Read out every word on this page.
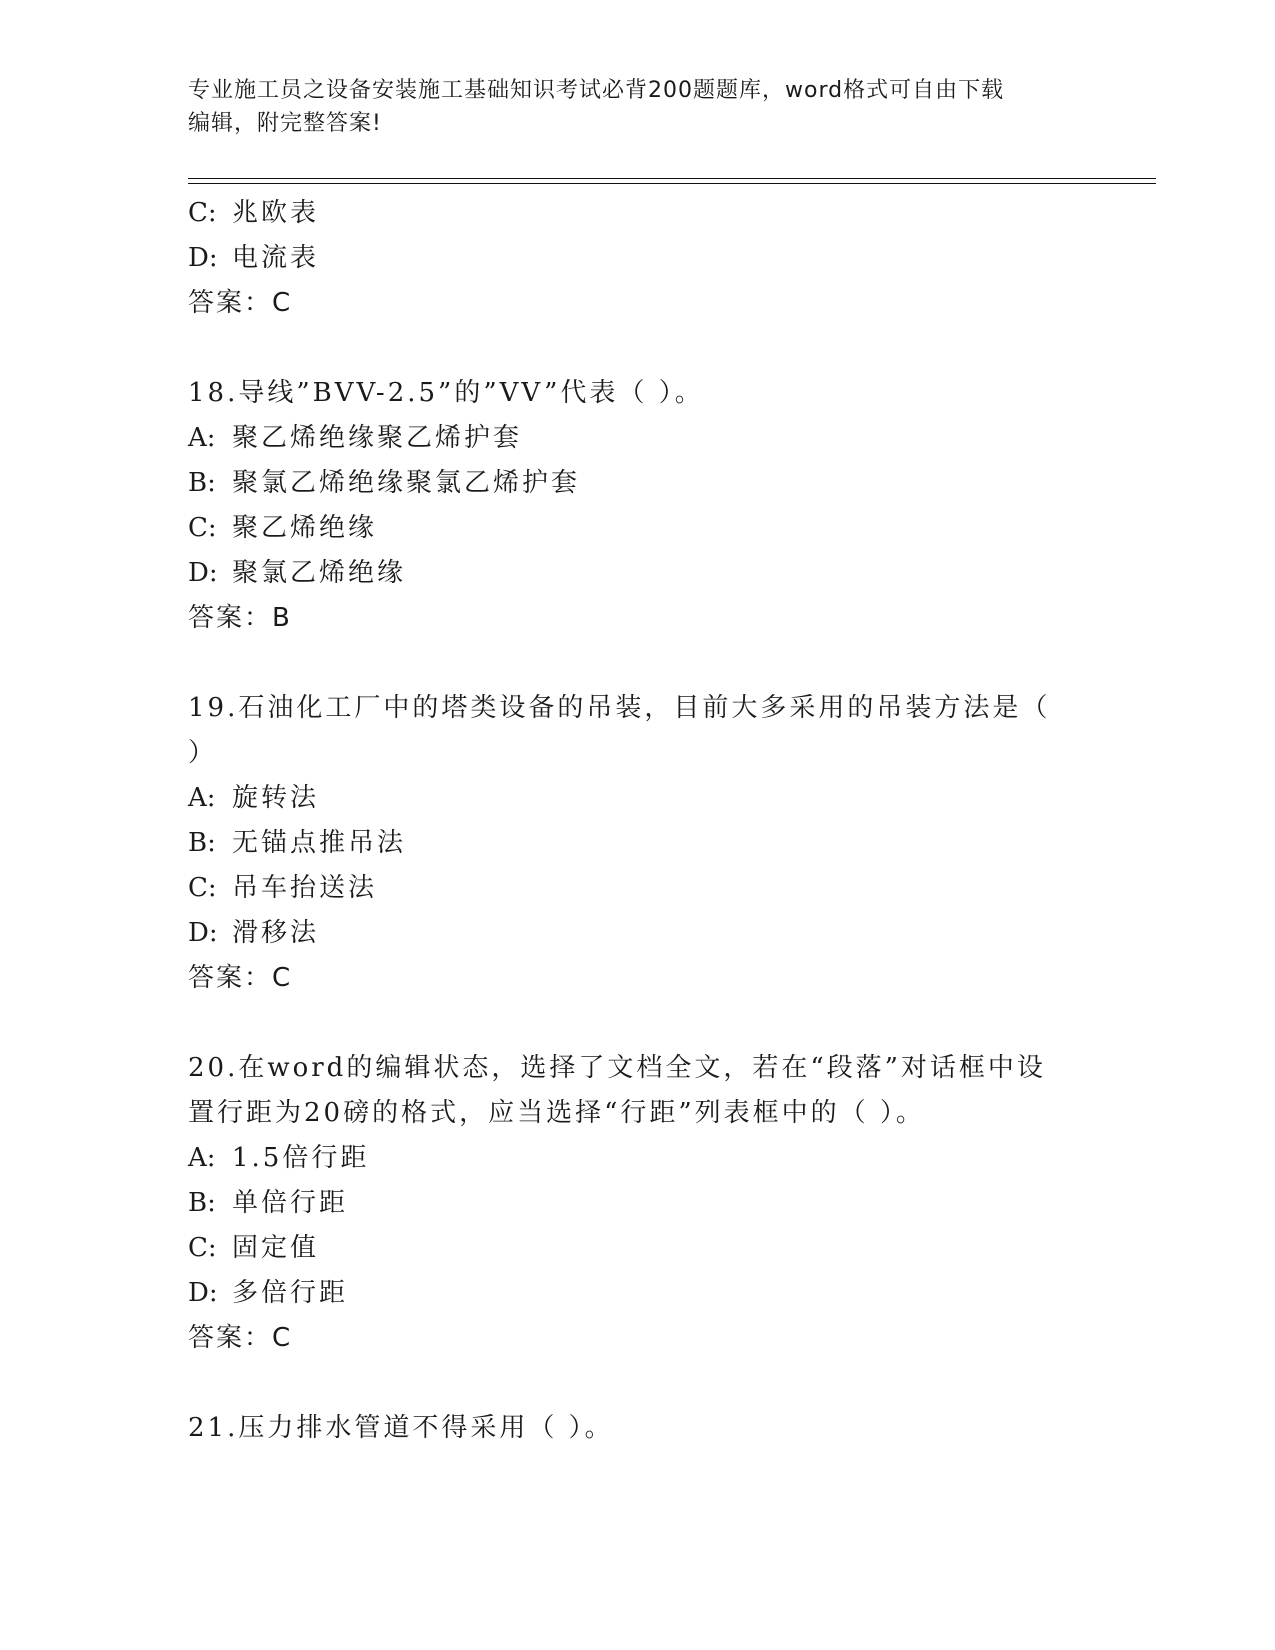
专业施工员之设备安装施工基础知识考试必背200题题库，word格式可自由下载
编辑，附完整答案!
C: 兆欧表
D: 电流表
答案：C
18.导线”BVV-2.5”的”VV”代表（ ）。
A: 聚乙烯绝缘聚乙烯护套
B: 聚氯乙烯绝缘聚氯乙烯护套
C: 聚乙烯绝缘
D: 聚氯乙烯绝缘
答案：B
19.石油化工厂中的塔类设备的吊装，目前大多采用的吊装方法是（
）
A: 旋转法
B: 无锚点推吊法
C: 吊车抬送法
D: 滑移法
答案：C
20.在word的编辑状态，选择了文档全文，若在“段落”对话框中设
置行距为20磅的格式，应当选择“行距”列表框中的（ ）。
A: 1.5倍行距
B: 单倍行距
C: 固定值
D: 多倍行距
答案：C
21.压力排水管道不得采用（ ）。
